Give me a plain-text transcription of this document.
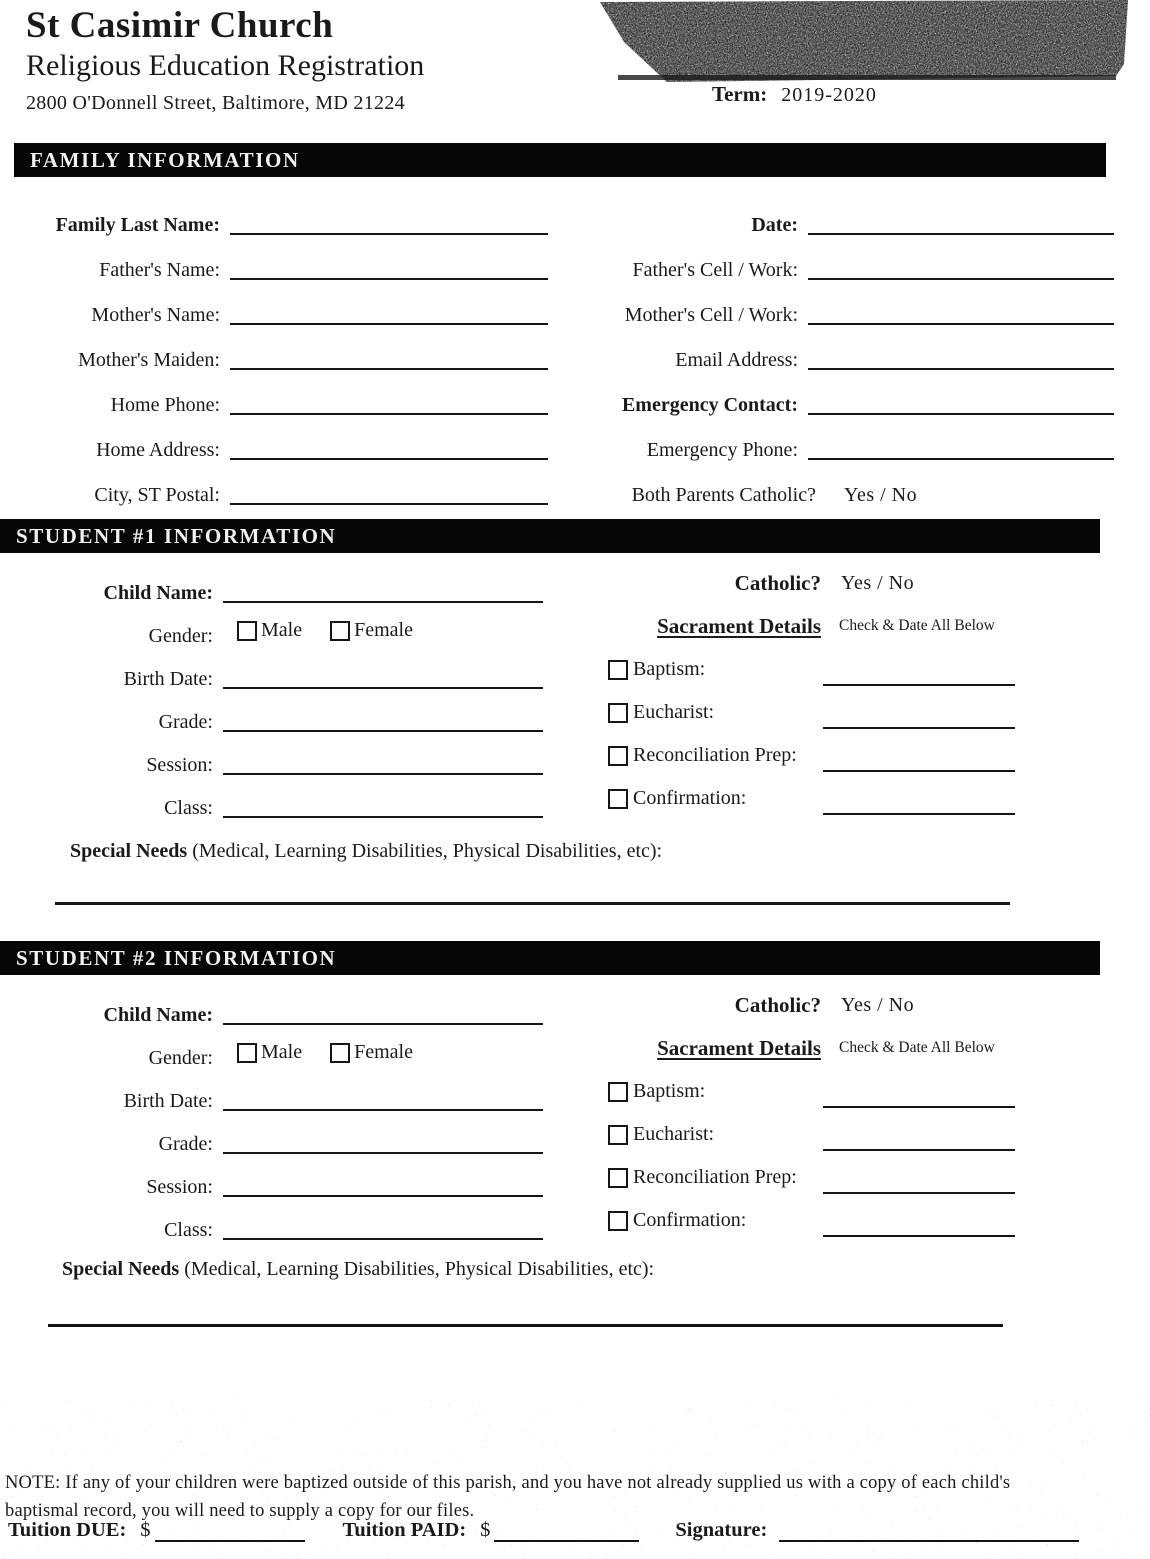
St Casimir Church
Religious Education Registration
2800 O'Donnell Street, Baltimore, MD 21224	Term: 2019-2020
FAMILY INFORMATION
Family Last Name:
Father's Name:
Mother's Name:
Mother's Maiden:
Home Phone:
Home Address:
City, ST Postal:
Date:
Father's Cell / Work:
Mother's Cell / Work:
Email Address:
Emergency Contact:
Emergency Phone:
Both Parents Catholic?	Yes / No
STUDENT #1 INFORMATION
Child Name:
Gender:	Male	Female
Birth Date:
Grade:
Session:
Class:
Catholic?	Yes / No
Sacrament Details Check & Date All Below
Baptism:
Eucharist:
Reconciliation Prep:
Confirmation:
Special Needs (Medical, Learning Disabilities, Physical Disabilities, etc):
STUDENT #2 INFORMATION
Child Name:
Gender:	Male	Female
Birth Date:
Grade:
Session:
Class:
Catholic?	Yes / No
Sacrament Details Check & Date All Below
Baptism:
Eucharist:
Reconciliation Prep:
Confirmation:
Special Needs (Medical, Learning Disabilities, Physical Disabilities, etc):
NOTE: If any of your children were baptized outside of this parish, and you have not already supplied us with a copy of each child's baptismal record, you will need to supply a copy for our files.
Tuition DUE: $	Tuition PAID: $	Signature:
